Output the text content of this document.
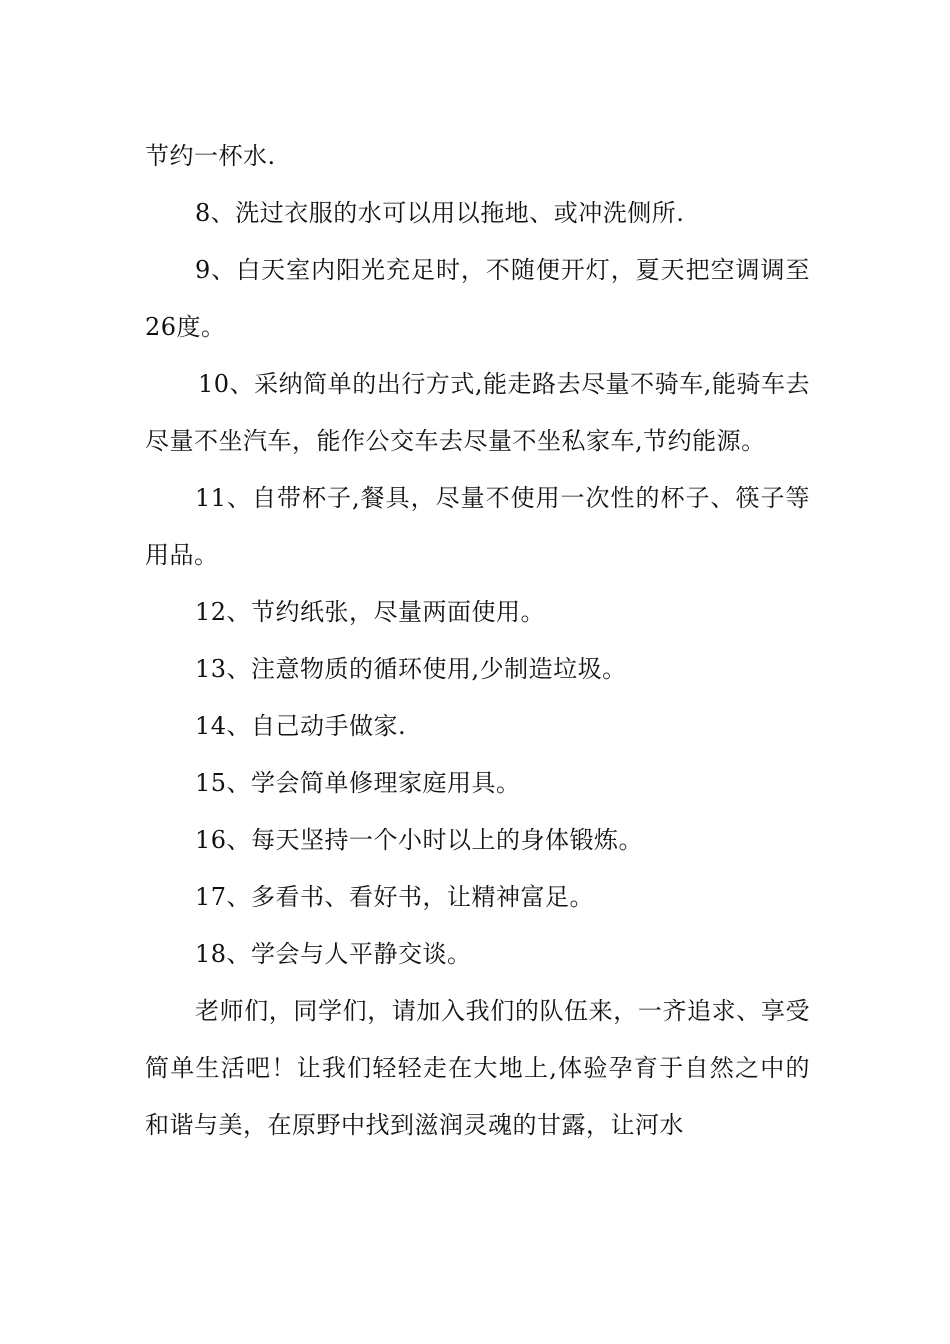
节约一杯水.

8、洗过衣服的水可以用以拖地、或冲洗侧所.

9、白天室内阳光充足时，不随便开灯，夏天把空调调至26度。

10、采纳简单的出行方式,能走路去尽量不骑车,能骑车去尽量不坐汽车，能作公交车去尽量不坐私家车,节约能源。

11、自带杯子,餐具，尽量不使用一次性的杯子、筷子等用品。

12、节约纸张，尽量两面使用。

13、注意物质的循环使用,少制造垃圾。

14、自己动手做家.

15、学会简单修理家庭用具。

16、每天坚持一个小时以上的身体锻炼。

17、多看书、看好书，让精神富足。

18、学会与人平静交谈。

老师们，同学们，请加入我们的队伍来，一齐追求、享受简单生活吧！让我们轻轻走在大地上,体验孕育于自然之中的和谐与美，在原野中找到滋润灵魂的甘露，让河水
